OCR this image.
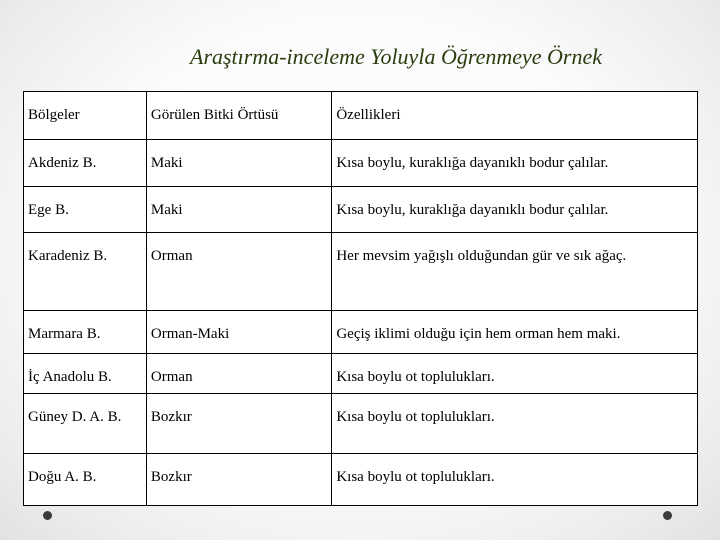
Araştırma-inceleme Yoluyla Öğrenmeye Örnek
Bölgeler	Görülen Bitki Örtüsü	Özellikleri
Akdeniz B.	Maki	Kısa boylu, kuraklığa dayanıklı bodur çalılar.
Ege B.	Maki	Kısa boylu, kuraklığa dayanıklı bodur çalılar.
Karadeniz B.	Orman	Her mevsim yağışlı olduğundan gür ve sık ağaç.
Marmara B.	Orman-Maki	Geçiş iklimi olduğu için hem orman hem maki.
İç Anadolu B.	Orman	Kısa boylu ot toplulukları.
Güney D. A. B.	Bozkır	Kısa boylu ot toplulukları.
Doğu A. B.	Bozkır	Kısa boylu ot toplulukları.
